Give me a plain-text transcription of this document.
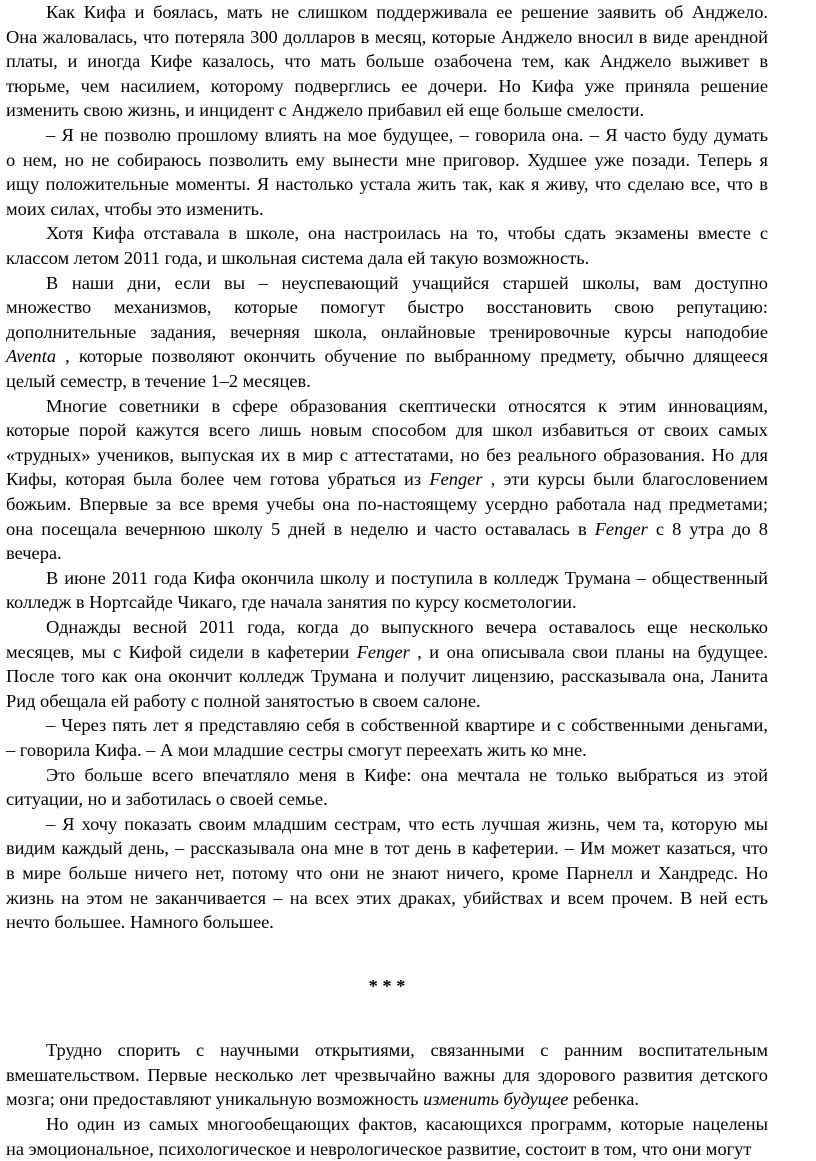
Как Кифа и боялась, мать не слишком поддерживала ее решение заявить об Анджело.
Она жаловалась, что потеряла 300 долларов в месяц, которые Анджело вносил в виде арендной
платы, и иногда Кифе казалось, что мать больше озабочена тем, как Анджело выживет в
тюрьме, чем насилием, которому подверглись ее дочери. Но Кифа уже приняла решение
изменить свою жизнь, и инцидент с Анджело прибавил ей еще больше смелости.
– Я не позволю прошлому влиять на мое будущее, – говорила она. – Я часто буду думать
о нем, но не собираюсь позволить ему вынести мне приговор. Худшее уже позади. Теперь я
ищу положительные моменты. Я настолько устала жить так, как я живу, что сделаю все, что в
моих силах, чтобы это изменить.
Хотя Кифа отставала в школе, она настроилась на то, чтобы сдать экзамены вместе с
классом летом 2011 года, и школьная система дала ей такую возможность.
В наши дни, если вы – неуспевающий учащийся старшей школы, вам доступно
множество механизмов, которые помогут быстро восстановить свою репутацию:
дополнительные задания, вечерняя школа, онлайновые тренировочные курсы наподобие
Aventa , которые позволяют окончить обучение по выбранному предмету, обычно длящееся
целый семестр, в течение 1–2 месяцев.
Многие советники в сфере образования скептически относятся к этим инновациям,
которые порой кажутся всего лишь новым способом для школ избавиться от своих самых
«трудных» учеников, выпуская их в мир с аттестатами, но без реального образования. Но для
Кифы, которая была более чем готова убраться из Fenger , эти курсы были благословением
божьим. Впервые за все время учебы она по-настоящему усердно работала над предметами;
она посещала вечернюю школу 5 дней в неделю и часто оставалась в Fenger с 8 утра до 8
вечера.
В июне 2011 года Кифа окончила школу и поступила в колледж Трумана – общественный
колледж в Нортсайде Чикаго, где начала занятия по курсу косметологии.
Однажды весной 2011 года, когда до выпускного вечера оставалось еще несколько
месяцев, мы с Кифой сидели в кафетерии Fenger , и она описывала свои планы на будущее.
После того как она окончит колледж Трумана и получит лицензию, рассказывала она, Ланита
Рид обещала ей работу с полной занятостью в своем салоне.
– Через пять лет я представляю себя в собственной квартире и с собственными деньгами,
– говорила Кифа. – А мои младшие сестры смогут переехать жить ко мне.
Это больше всего впечатляло меня в Кифе: она мечтала не только выбраться из этой
ситуации, но и заботилась о своей семье.
– Я хочу показать своим младшим сестрам, что есть лучшая жизнь, чем та, которую мы
видим каждый день, – рассказывала она мне в тот день в кафетерии. – Им может казаться, что
в мире больше ничего нет, потому что они не знают ничего, кроме Парнелл и Хандредс. Но
жизнь на этом не заканчивается – на всех этих драках, убийствах и всем прочем. В ней есть
нечто большее. Намного большее.
* * *
Трудно спорить с научными открытиями, связанными с ранним воспитательным
вмешательством. Первые несколько лет чрезвычайно важны для здорового развития детского
мозга; они предоставляют уникальную возможность изменить будущее ребенка.
Но один из самых многообещающих фактов, касающихся программ, которые нацелены
на эмоциональное, психологическое и неврологическое развитие, состоит в том, что они могут
